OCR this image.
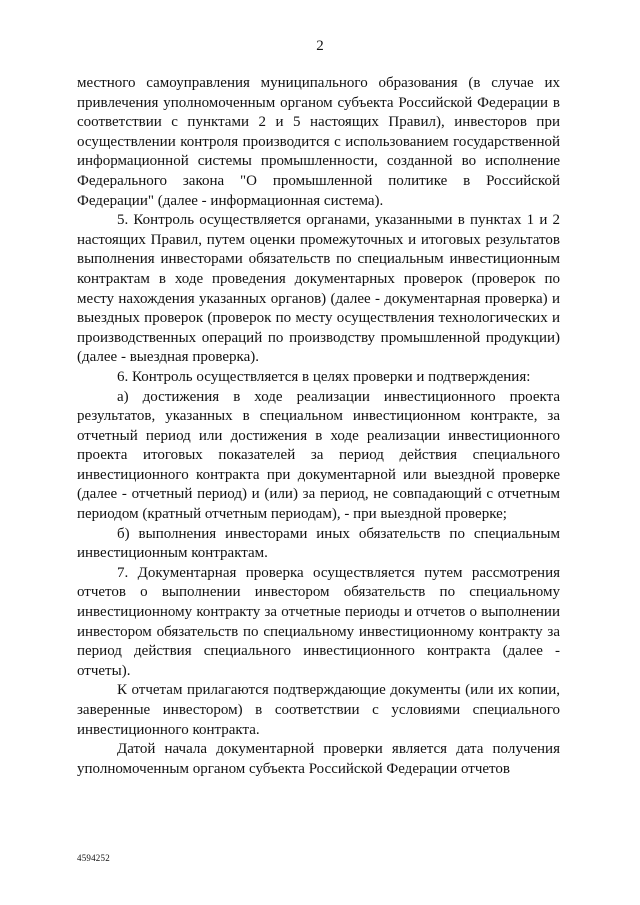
2

местного самоуправления муниципального образования (в случае их привлечения уполномоченным органом субъекта Российской Федерации в соответствии с пунктами 2 и 5 настоящих Правил), инвесторов при осуществлении контроля производится с использованием государственной информационной системы промышленности, созданной во исполнение Федерального закона "О промышленной политике в Российской Федерации" (далее - информационная система).

5. Контроль осуществляется органами, указанными в пунктах 1 и 2 настоящих Правил, путем оценки промежуточных и итоговых результатов выполнения инвесторами обязательств по специальным инвестиционным контрактам в ходе проведения документарных проверок (проверок по месту нахождения указанных органов) (далее - документарная проверка) и выездных проверок (проверок по месту осуществления технологических и производственных операций по производству промышленной продукции) (далее - выездная проверка).

6. Контроль осуществляется в целях проверки и подтверждения:

а) достижения в ходе реализации инвестиционного проекта результатов, указанных в специальном инвестиционном контракте, за отчетный период или достижения в ходе реализации инвестиционного проекта итоговых показателей за период действия специального инвестиционного контракта при документарной или выездной проверке (далее - отчетный период) и (или) за период, не совпадающий с отчетным периодом (кратный отчетным периодам), - при выездной проверке;

б) выполнения инвесторами иных обязательств по специальным инвестиционным контрактам.

7. Документарная проверка осуществляется путем рассмотрения отчетов о выполнении инвестором обязательств по специальному инвестиционному контракту за отчетные периоды и отчетов о выполнении инвестором обязательств по специальному инвестиционному контракту за период действия специального инвестиционного контракта (далее - отчеты).

К отчетам прилагаются подтверждающие документы (или их копии, заверенные инвестором) в соответствии с условиями специального инвестиционного контракта.

Датой начала документарной проверки является дата получения уполномоченным органом субъекта Российской Федерации отчетов

4594252
